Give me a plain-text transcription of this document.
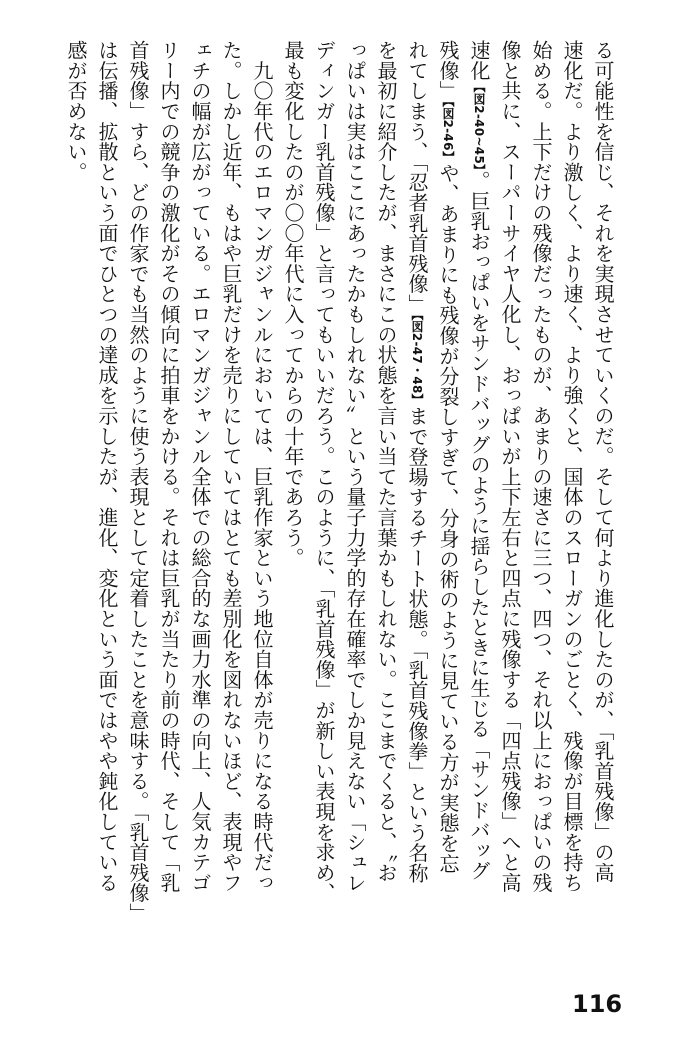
る可能性を信じ、それを実現させていくのだ。そして何より進化したのが、「乳首残像」の高
速化だ。より激しく、より速く、より強くと、国体のスローガンのごとく、残像が目標を持ち
始める。上下だけの残像だったものが、あまりの速さに三つ、四つ、それ以上におっぱいの残
像と共に、スーパーサイヤ人化し、おっぱいが上下左右と四点に残像する「四点残像」へと高
速化【図2-40~45】。巨乳おっぱいをサンドバッグのように揺らしたときに生じる「サンドバッグ
残像」【図2-46】や、あまりにも残像が分裂しすぎて、分身の術のように見ている方が実態を忘
れてしまう、「忍者乳首残像」【図2-47・48】まで登場するチート状態。「乳首残像拳」という名称
を最初に紹介したが、まさにこの状態を言い当てた言葉かもしれない。ここまでくると、〝お
っぱいは実はここにあったかもしれない〟という量子力学的存在確率でしか見えない「シュレ
ディンガー乳首残像」と言ってもいいだろう。このように、「乳首残像」が新しい表現を求め、
最も変化したのが〇〇年代に入ってからの十年であろう。
　九〇年代のエロマンガジャンルにおいては、巨乳作家という地位自体が売りになる時代だっ
た。しかし近年、もはや巨乳だけを売りにしていてはとても差別化を図れないほど、表現やフ
ェチの幅が広がっている。エロマンガジャンル全体での総合的な画力水準の向上、人気カテゴ
リー内での競争の激化がその傾向に拍車をかける。それは巨乳が当たり前の時代、そして「乳
首残像」すら、どの作家でも当然のように使う表現として定着したことを意味する。「乳首残像」
は伝播、拡散という面でひとつの達成を示したが、進化、変化という面ではやや鈍化している
感が否めない。
116
